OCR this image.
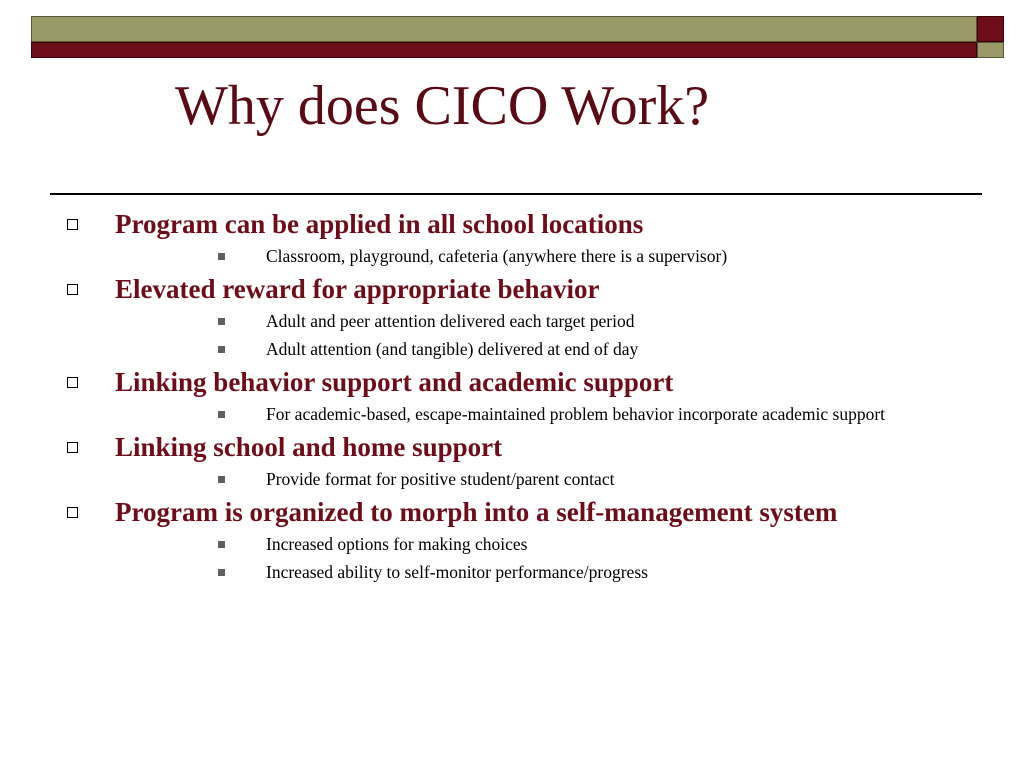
Why does CICO Work?
Program can be applied in all school locations
Classroom, playground, cafeteria (anywhere there is a supervisor)
Elevated reward for appropriate behavior
Adult and peer attention delivered each target period
Adult attention (and tangible) delivered at end of day
Linking behavior support and academic support
For academic-based, escape-maintained problem behavior incorporate academic support
Linking school and home support
Provide format for positive student/parent contact
Program is organized to morph into a self-management system
Increased options for making choices
Increased ability to self-monitor performance/progress
